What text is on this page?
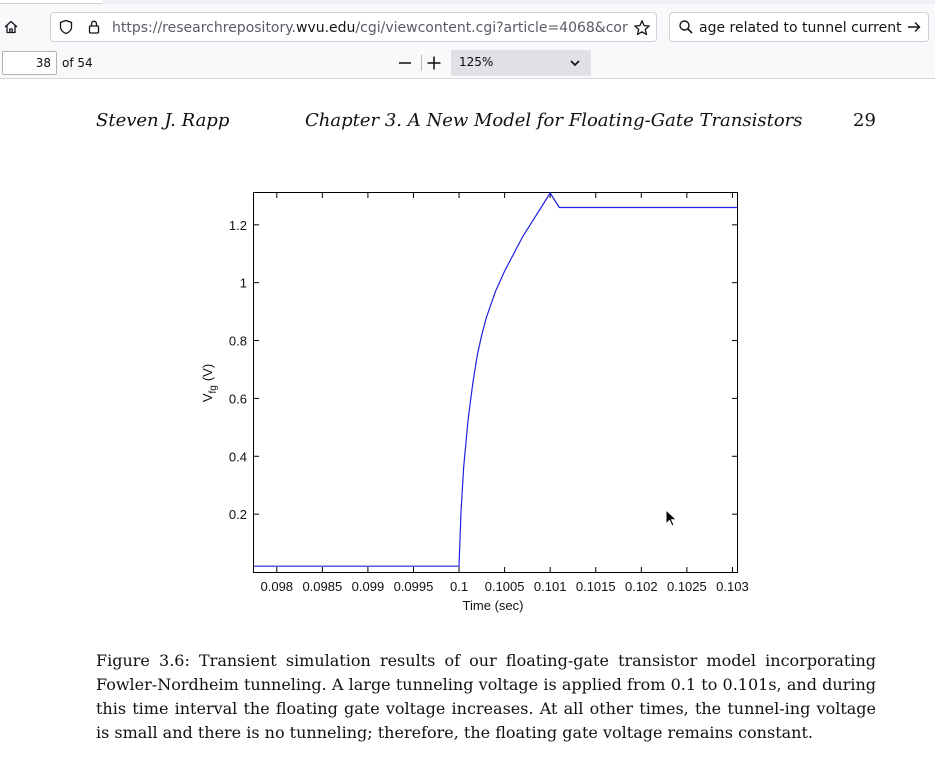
https://researchrepository.wvu.edu/cgi/viewcontent.cgi?article=4068&cor	age related to tunnel current
38 of 54	125%
Steven J. Rapp	Chapter 3. A New Model for Floating-Gate Transistors	29
0.098 0.0985 0.099 0.0995 0.1 0.1005 0.101 0.1015 0.102 0.1025 0.103
0.2
0.4
0.6
0.8
1
1.2
Time (sec)
$V_{fg}(V)$
Figure 3.6: Transient simulation results of our floating-gate transistor model incorporating Fowler-Nordheim tunneling. A large tunneling voltage is applied from 0.1 to 0.101s, and during this time interval the floating gate voltage increases. At all other times, the tunnel-ing voltage is small and there is no tunneling; therefore, the floating gate voltage remains constant.
